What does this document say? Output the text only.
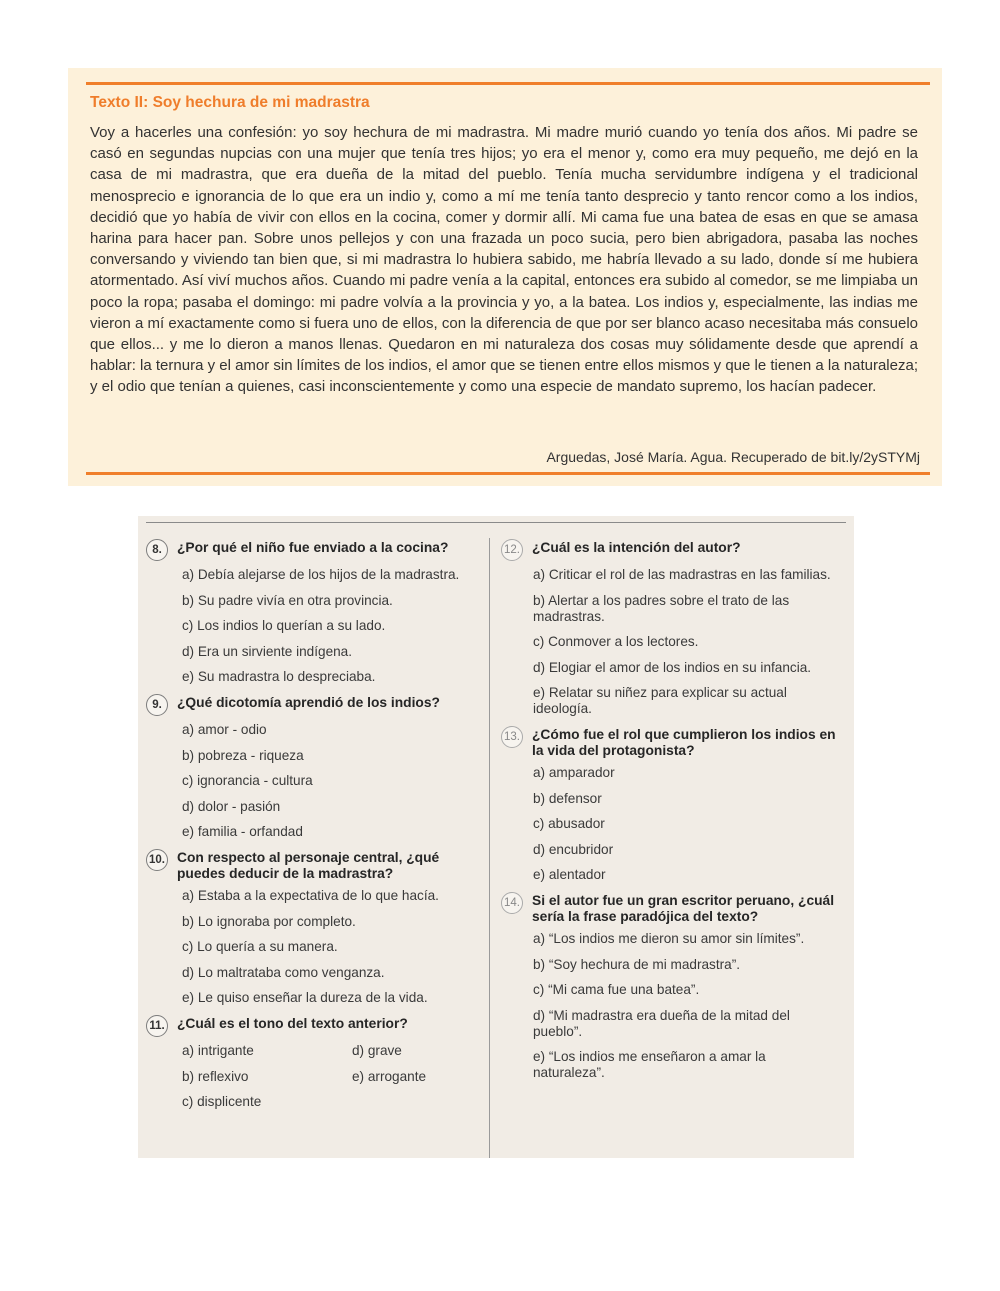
Texto II: Soy hechura de mi madrastra
Voy a hacerles una confesión: yo soy hechura de mi madrastra. Mi madre murió cuando yo tenía dos años. Mi padre se casó en segundas nupcias con una mujer que tenía tres hijos; yo era el menor y, como era muy pequeño, me dejó en la casa de mi madrastra, que era dueña de la mitad del pueblo. Tenía mucha servidumbre indígena y el tradicional menosprecio e ignorancia de lo que era un indio y, como a mí me tenía tanto desprecio y tanto rencor como a los indios, decidió que yo había de vivir con ellos en la cocina, comer y dormir allí. Mi cama fue una batea de esas en que se amasa harina para hacer pan. Sobre unos pellejos y con una frazada un poco sucia, pero bien abrigadora, pasaba las noches conversando y viviendo tan bien que, si mi madrastra lo hubiera sabido, me habría llevado a su lado, donde sí me hubiera atormentado. Así viví muchos años. Cuando mi padre venía a la capital, entonces era subido al comedor, se me limpiaba un poco la ropa; pasaba el domingo: mi padre volvía a la provincia y yo, a la batea. Los indios y, especialmente, las indias me vieron a mí exactamente como si fuera uno de ellos, con la diferencia de que por ser blanco acaso necesitaba más consuelo que ellos... y me lo dieron a manos llenas. Quedaron en mi naturaleza dos cosas muy sólidamente desde que aprendí a hablar: la ternura y el amor sin límites de los indios, el amor que se tienen entre ellos mismos y que le tienen a la naturaleza; y el odio que tenían a quienes, casi inconscientemente y como una especie de mandato supremo, los hacían padecer.
Arguedas, José María. Agua. Recuperado de bit.ly/2ySTYMj
8.	¿Por qué el niño fue enviado a la cocina?
a) Debía alejarse de los hijos de la madrastra.
b) Su padre vivía en otra provincia.
c) Los indios lo querían a su lado.
d) Era un sirviente indígena.
e) Su madrastra lo despreciaba.
9.	¿Qué dicotomía aprendió de los indios?
a) amor - odio
b) pobreza - riqueza
c) ignorancia - cultura
d) dolor - pasión
e) familia - orfandad
10. Con respecto al personaje central, ¿qué puedes deducir de la madrastra?
a) Estaba a la expectativa de lo que hacía.
b) Lo ignoraba por completo.
c) Lo quería a su manera.
d) Lo maltrataba como venganza.
e) Le quiso enseñar la dureza de la vida.
11. ¿Cuál es el tono del texto anterior?
a) intrigante	d) grave
b) reflexivo	e) arrogante
c) displicente
12. ¿Cuál es la intención del autor?
a) Criticar el rol de las madrastras en las familias.
b) Alertar a los padres sobre el trato de las madrastras.
c) Conmover a los lectores.
d) Elogiar el amor de los indios en su infancia.
e) Relatar su niñez para explicar su actual ideología.
13. ¿Cómo fue el rol que cumplieron los indios en la vida del protagonista?
a) amparador
b) defensor
c) abusador
d) encubridor
e) alentador
14. Si el autor fue un gran escritor peruano, ¿cuál sería la frase paradójica del texto?
a) “Los indios me dieron su amor sin límites”.
b) “Soy hechura de mi madrastra”.
c) “Mi cama fue una batea”.
d) “Mi madrastra era dueña de la mitad del pueblo”.
e) “Los indios me enseñaron a amar la naturaleza”.
